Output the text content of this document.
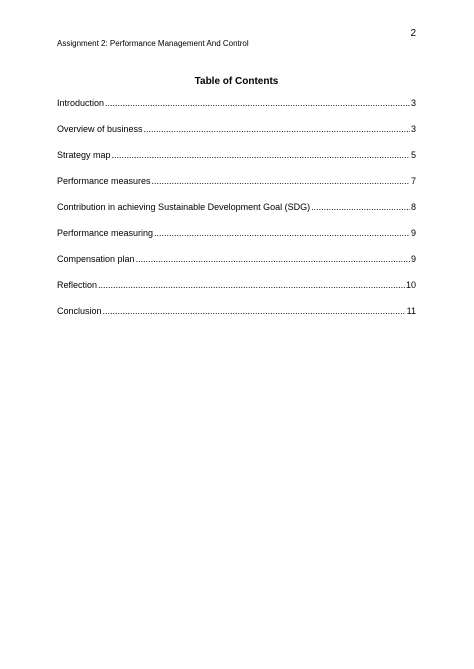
2
Assignment 2: Performance Management And Control
Table of Contents
Introduction .....	3
Overview of business .....	3
Strategy map .....	5
Performance measures .....	7
Contribution in achieving Sustainable Development Goal (SDG) .....	8
Performance measuring .....	9
Compensation plan .....	9
Reflection .....	10
Conclusion .....	11
